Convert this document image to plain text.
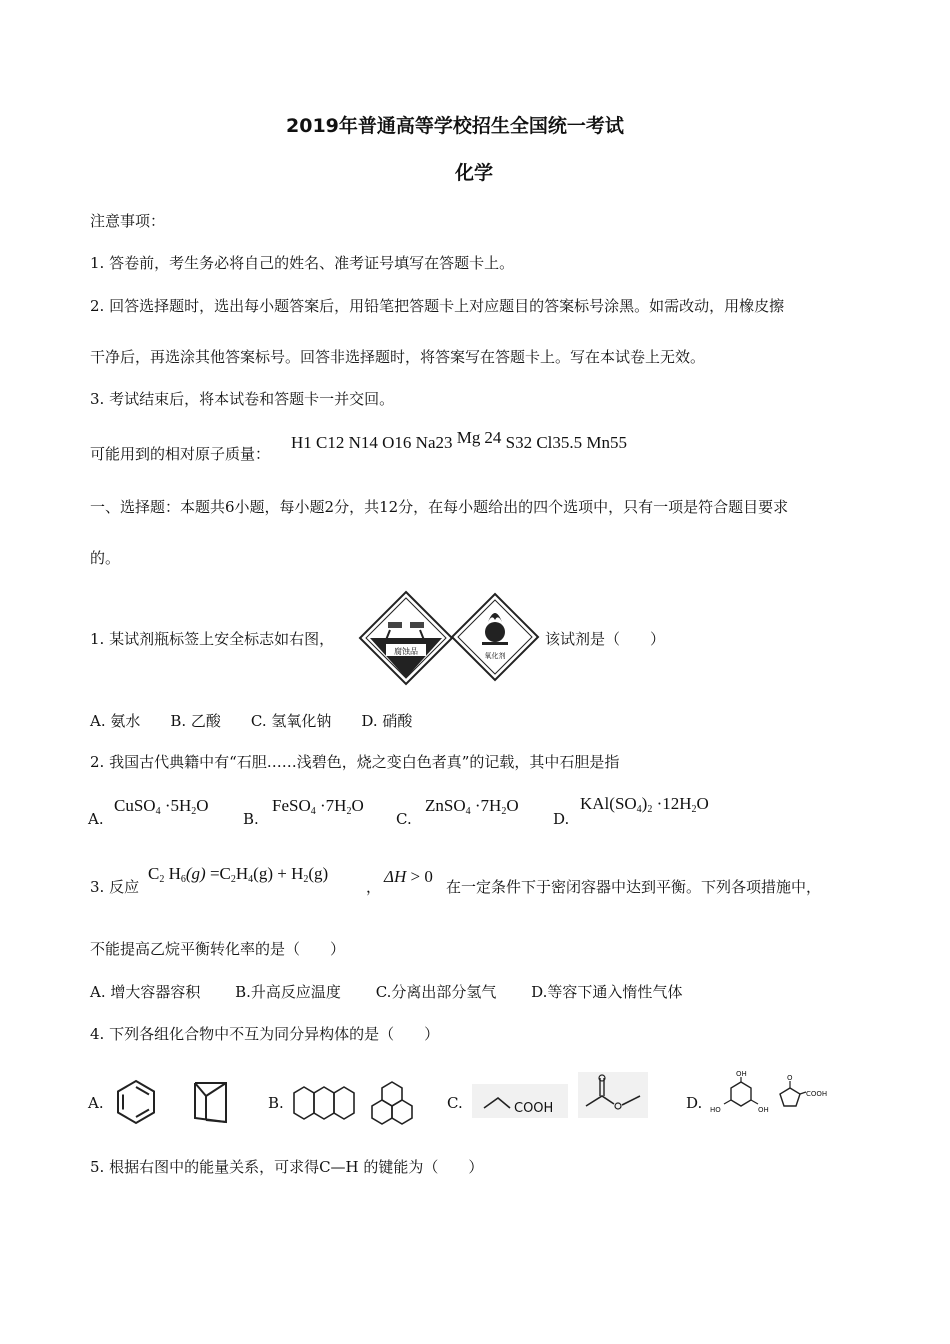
2019年普通高等学校招生全国统一考试
化学
注意事项：
1. 答卷前，考生务必将自己的姓名、准考证号填写在答题卡上。
2. 回答选择题时，选出每小题答案后，用铅笔把答题卡上对应题目的答案标号涂黑。如需改动，用橡皮擦
干净后，再选涂其他答案标号。回答非选择题时，将答案写在答题卡上。写在本试卷上无效。
3. 考试结束后，将本试卷和答题卡一并交回。
可能用到的相对原子质量：
H1 C12 N14 O16 Na23 Mg 24 S32 Cl35.5 Mn55
一、选择题：本题共6小题，每小题2分，共12分，在每小题给出的四个选项中，只有一项是符合题目要求
的。
1. 某试剂瓶标签上安全标志如右图，
腐蚀品	氧化剂
该试剂是（　　）
A. 氨水　　B. 乙酸　　C. 氢氧化钠　　D. 硝酸
2. 我国古代典籍中有“石胆……浅碧色，烧之变白色者真”的记载，其中石胆是指
A.
CuSO$_4$ $\cdot 5H_2O$
B.
FeSO$_4$ $\cdot 7H_2O$
C.
ZnSO$_4$ $\cdot 7H_2O$
D.
$KAl(SO_4)_2 \cdot 12H_2O$
3. 反应
$C_2$ $H_6(g) =C_2H_4(g) + H_2(g)$
，
ΔH > 0
在一定条件下于密闭容器中达到平衡。下列各项措施中，
不能提高乙烷平衡转化率的是（　　）
A. 增大容器容积　　 B.升高反应温度　　 C.分离出部分氢气　　 D.等容下通入惰性气体
4. 下列各组化合物中不互为同分异构体的是（　　）
A.	B.	C.	COOH	D.
OH
HO	OH
O
COOH
5. 根据右图中的能量关系，可求得C—H 的键能为（　　）
